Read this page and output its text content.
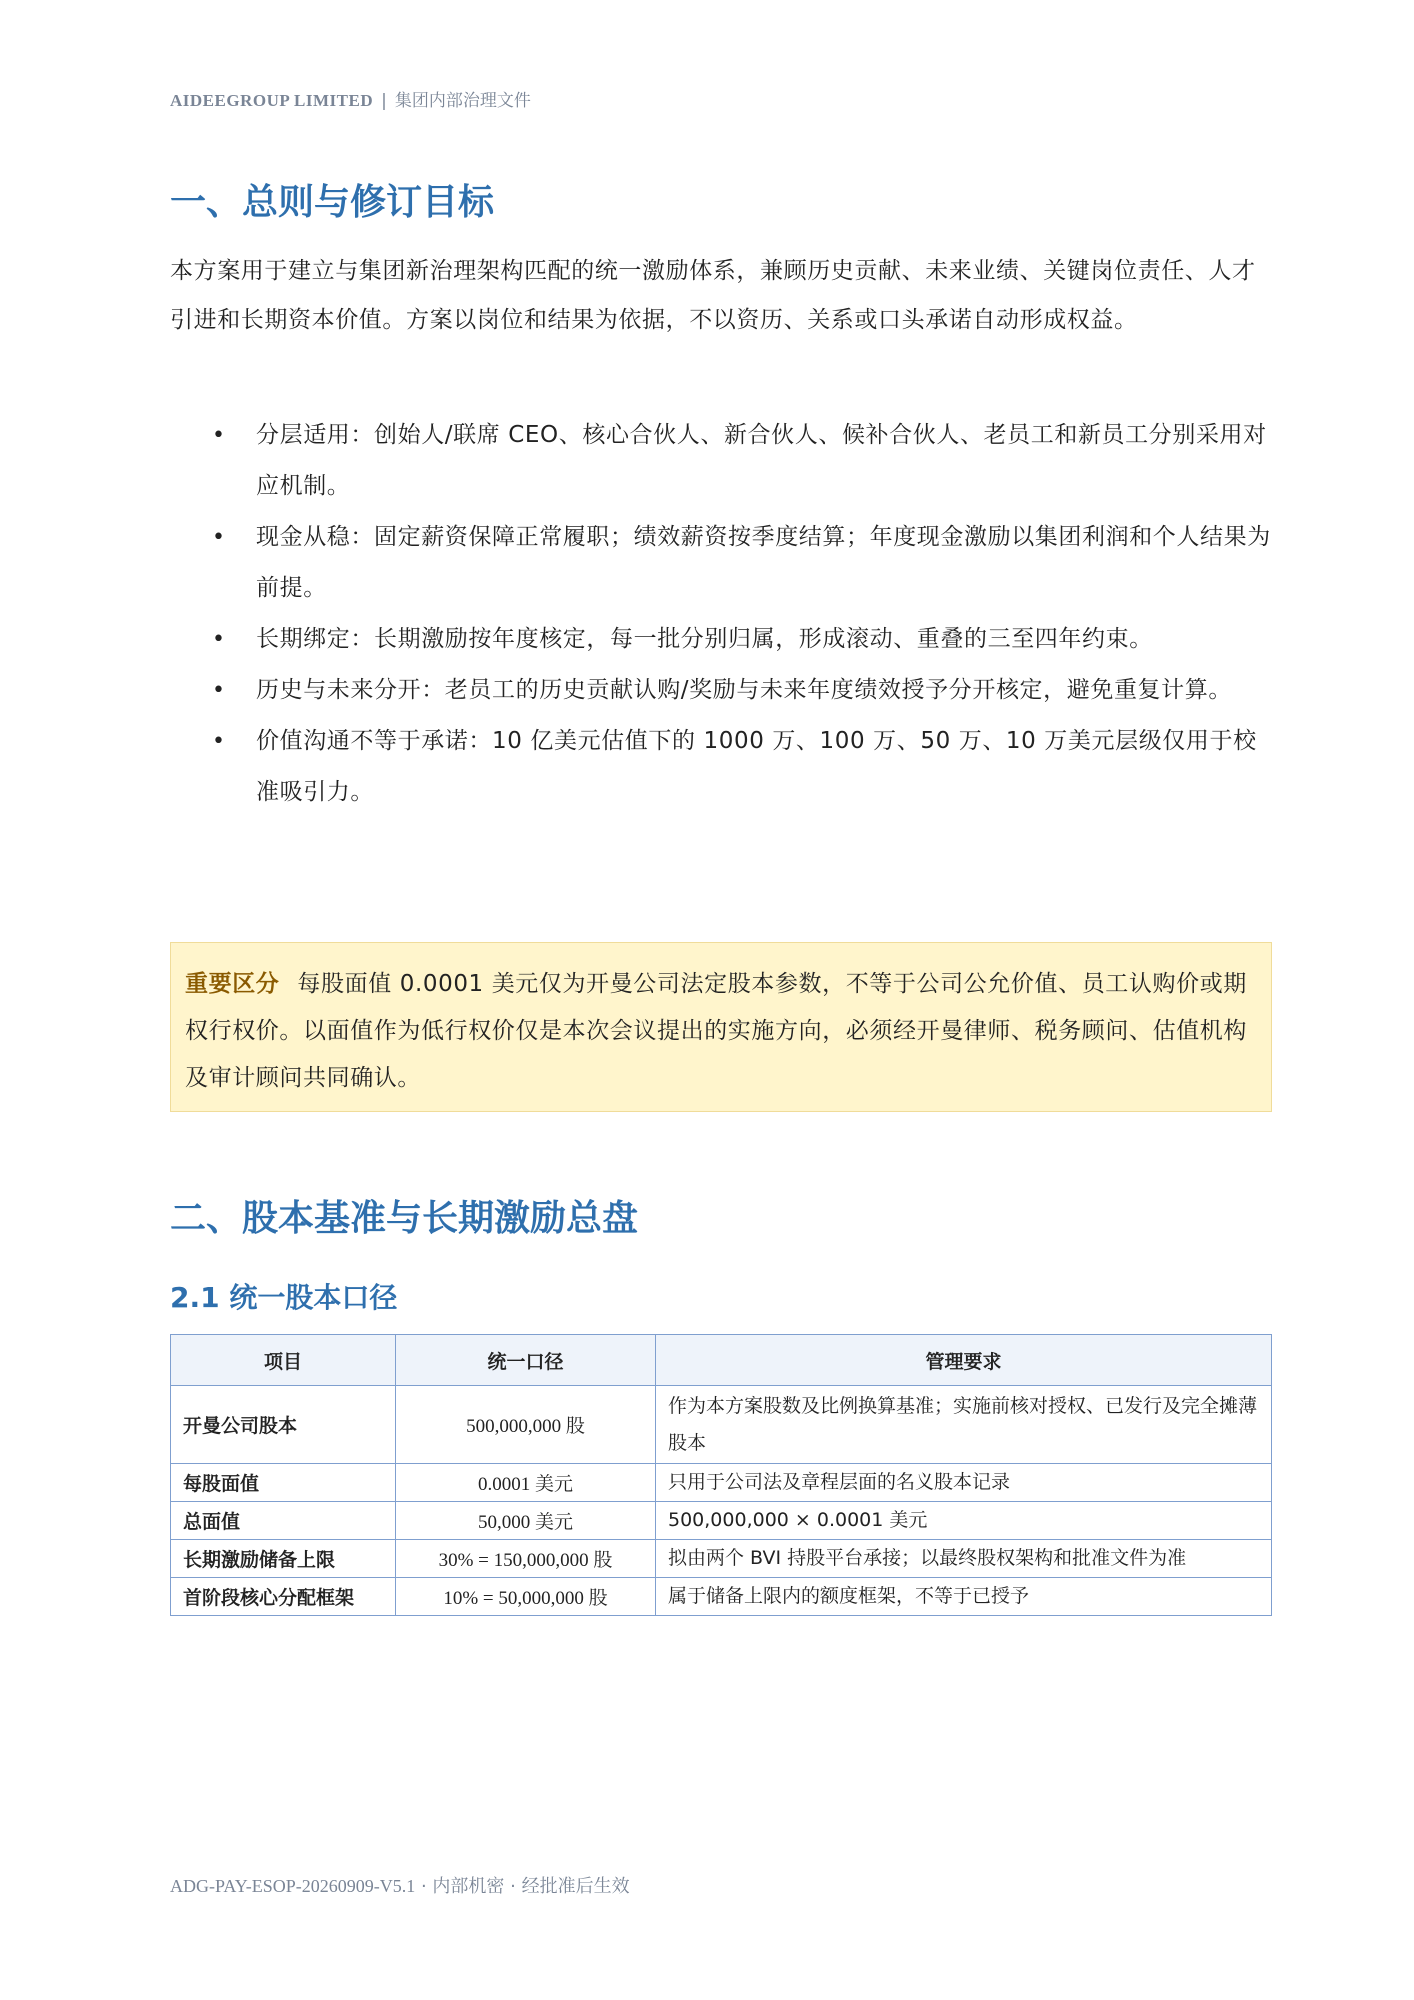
AIDEEGROUP LIMITED | 集团内部治理文件
一、总则与修订目标
本方案用于建立与集团新治理架构匹配的统一激励体系，兼顾历史贡献、未来业绩、关键岗位责任、人才引进和长期资本价值。方案以岗位和结果为依据，不以资历、关系或口头承诺自动形成权益。
• 分层适用：创始人/联席 CEO、核心合伙人、新合伙人、候补合伙人、老员工和新员工分别采用对应机制。
• 现金从稳：固定薪资保障正常履职；绩效薪资按季度结算；年度现金激励以集团利润和个人结果为前提。
• 长期绑定：长期激励按年度核定，每一批分别归属，形成滚动、重叠的三至四年约束。
• 历史与未来分开：老员工的历史贡献认购/奖励与未来年度绩效授予分开核定，避免重复计算。
• 价值沟通不等于承诺：10 亿美元估值下的 1000 万、100 万、50 万、10 万美元层级仅用于校准吸引力。
重要区分 每股面值 0.0001 美元仅为开曼公司法定股本参数，不等于公司公允价值、员工认购价或期权行权价。以面值作为低行权价仅是本次会议提出的实施方向，必须经开曼律师、税务顾问、估值机构及审计顾问共同确认。
二、股本基准与长期激励总盘
2.1 统一股本口径
项目	统一口径	管理要求
开曼公司股本	500,000,000 股	作为本方案股数及比例换算基准；实施前核对授权、已发行及完全摊薄股本
每股面值	0.0001 美元	只用于公司法及章程层面的名义股本记录
总面值	50,000 美元	500,000,000 × 0.0001 美元
长期激励储备上限	30% = 150,000,000 股	拟由两个 BVI 持股平台承接；以最终股权架构和批准文件为准
首阶段核心分配框架	10% = 50,000,000 股	属于储备上限内的额度框架，不等于已授予
ADG-PAY-ESOP-20260909-V5.1 · 内部机密 · 经批准后生效
